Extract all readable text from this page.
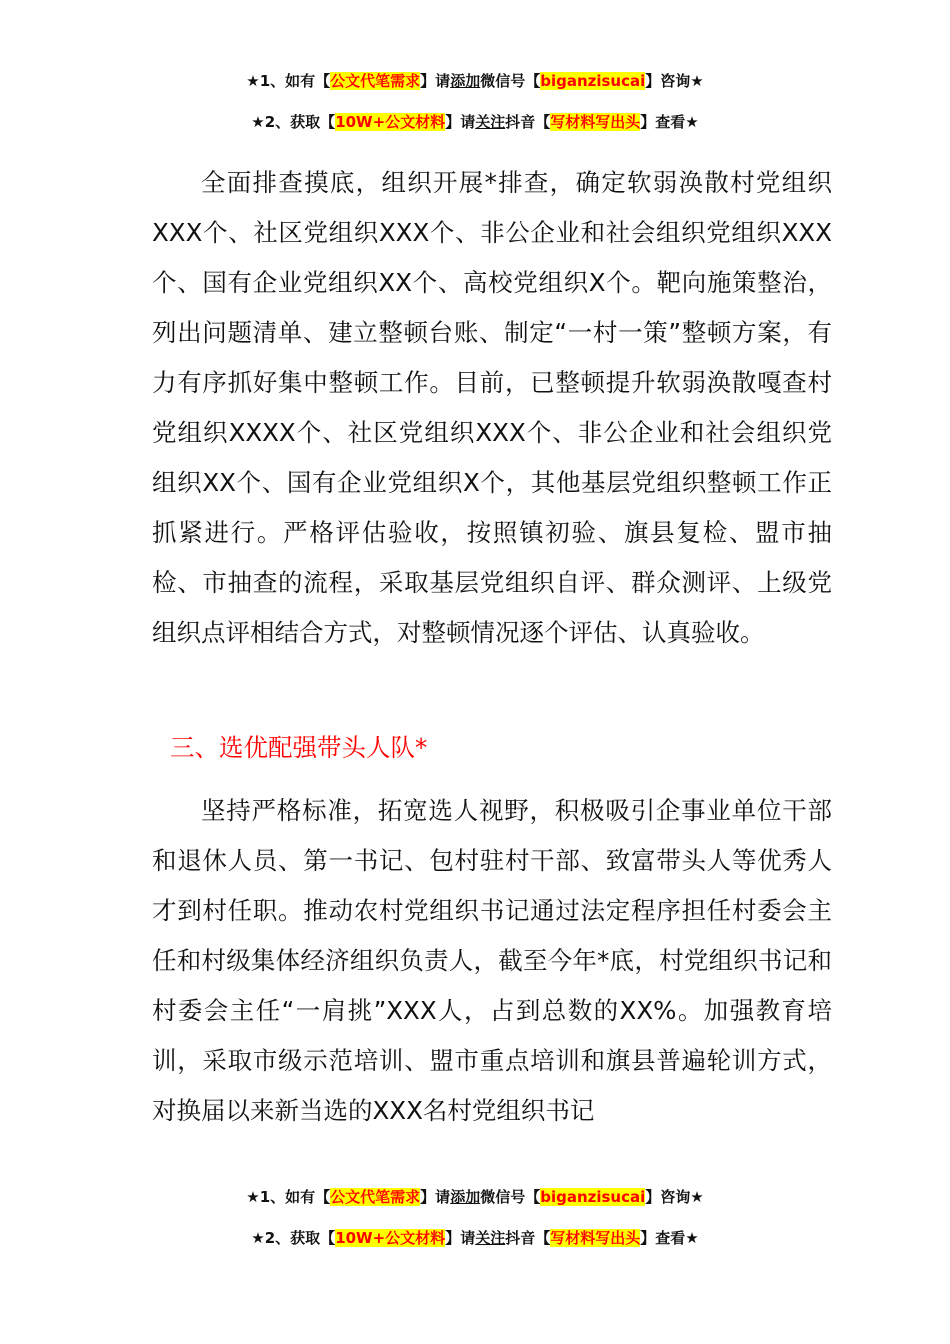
★1、如有【公文代笔需求】请添加微信号【biganzisucai】咨询★
★2、获取【10W+公文材料】请关注抖音【写材料写出头】查看★

全面排查摸底，组织开展*排查，确定软弱涣散村党组织XXX个、社区党组织XXX个、非公企业和社会组织党组织XXX个、国有企业党组织XX个、高校党组织X个。靶向施策整治，列出问题清单、建立整顿台账、制定“一村一策”整顿方案，有力有序抓好集中整顿工作。目前，已整顿提升软弱涣散嘎查村党组织XXXX个、社区党组织XXX个、非公企业和社会组织党组织XX个、国有企业党组织X个，其他基层党组织整顿工作正抓紧进行。严格评估验收，按照镇初验、旗县复检、盟市抽检、市抽查的流程，采取基层党组织自评、群众测评、上级党组织点评相结合方式，对整顿情况逐个评估、认真验收。

三、选优配强带头人队*

坚持严格标准，拓宽选人视野，积极吸引企事业单位干部和退休人员、第一书记、包村驻村干部、致富带头人等优秀人才到村任职。推动农村党组织书记通过法定程序担任村委会主任和村级集体经济组织负责人，截至今年*底，村党组织书记和村委会主任“一肩挑”XXX人，占到总数的XX%。加强教育培训，采取市级示范培训、盟市重点培训和旗县普遍轮训方式，对换届以来新当选的XXX名村党组织书记

★1、如有【公文代笔需求】请添加微信号【biganzisucai】咨询★
★2、获取【10W+公文材料】请关注抖音【写材料写出头】查看★
